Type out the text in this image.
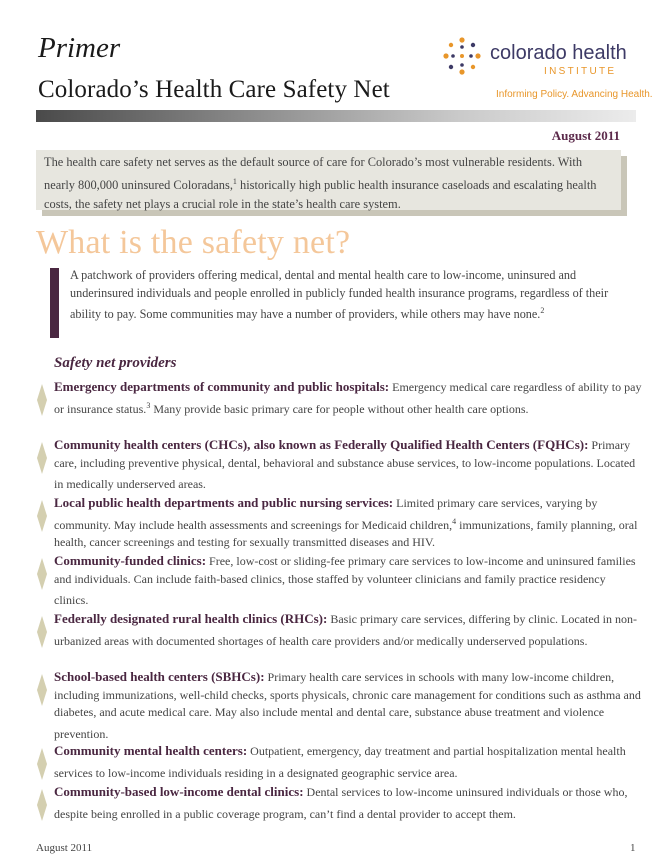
Primer
Colorado’s Health Care Safety Net
colorado health
INSTITUTE
Informing Policy. Advancing Health.
August 2011
The health care safety net serves as the default source of care for Colorado’s most vulnerable residents. With nearly 800,000 uninsured Coloradans,$^1$ historically high public health insurance caseloads and escalating health costs, the safety net plays a crucial role in the state’s health care system.
What is the safety net?
A patchwork of providers offering medical, dental and mental health care to low-income, uninsured and underinsured individuals and people enrolled in publicly funded health insurance programs, regardless of their ability to pay. Some communities may have a number of providers, while others may have none.$^2$
Safety net providers
Emergency departments of community and public hospitals: Emergency medical care regardless of ability to pay or insurance status.$^3$ Many provide basic primary care for people without other health care options.
Community health centers (CHCs), also known as Federally Qualified Health Centers (FQHCs): Primary care, including preventive physical, dental, behavioral and substance abuse services, to low-income populations. Located in medically underserved areas.
Local public health departments and public nursing services: Limited primary care services, varying by community. May include health assessments and screenings for Medicaid children,$^4$ immunizations, family planning, oral health, cancer screenings and testing for sexually transmitted diseases and HIV.
Community-funded clinics: Free, low-cost or sliding-fee primary care services to low-income and uninsured families and individuals. Can include faith-based clinics, those staffed by volunteer clinicians and family practice residency clinics.
Federally designated rural health clinics (RHCs): Basic primary care services, differing by clinic. Located in non-urbanized areas with documented shortages of health care providers and/or medically underserved populations.
School-based health centers (SBHCs): Primary health care services in schools with many low-income children, including immunizations, well-child checks, sports physicals, chronic care management for conditions such as asthma and diabetes, and acute medical care. May also include mental and dental care, substance abuse treatment and violence prevention.
Community mental health centers: Outpatient, emergency, day treatment and partial hospitalization mental health services to low-income individuals residing in a designated geographic service area.
Community-based low-income dental clinics: Dental services to low-income uninsured individuals or those who, despite being enrolled in a public coverage program, can’t find a dental provider to accept them.
August 2011	1
